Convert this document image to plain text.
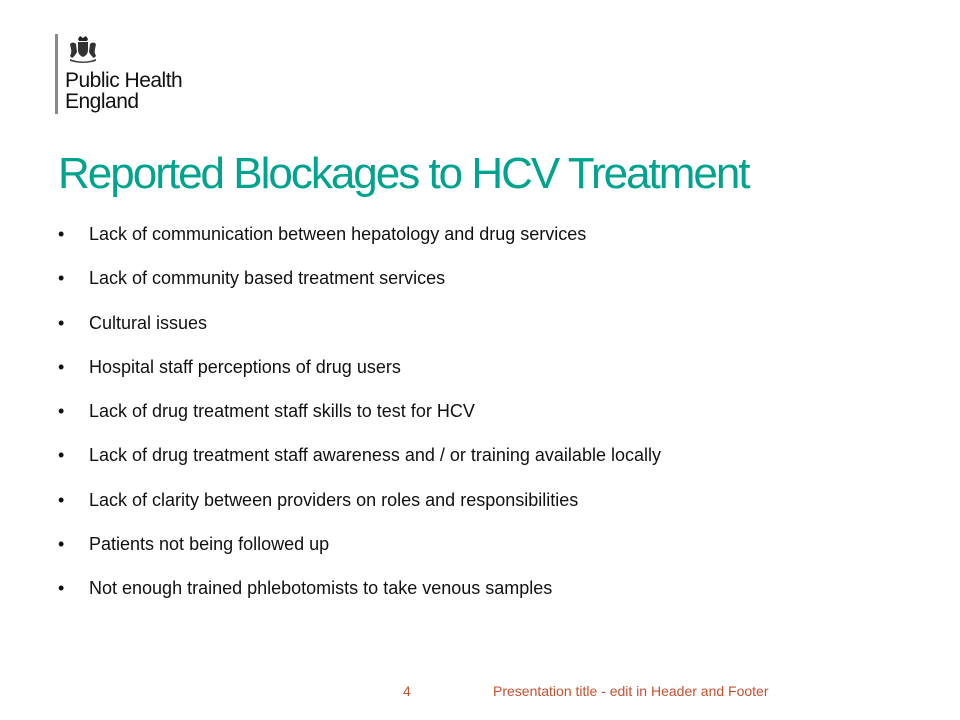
Public Health
England
Reported Blockages to HCV Treatment
• Lack of communication between hepatology and drug services
• Lack of community based treatment services
• Cultural issues
• Hospital staff perceptions of drug users
• Lack of drug treatment staff skills to test for HCV
• Lack of drug treatment staff awareness and / or training available locally
• Lack of clarity between providers on roles and responsibilities
• Patients not being followed up
• Not enough trained phlebotomists to take venous samples
4	Presentation title - edit in Header and Footer
